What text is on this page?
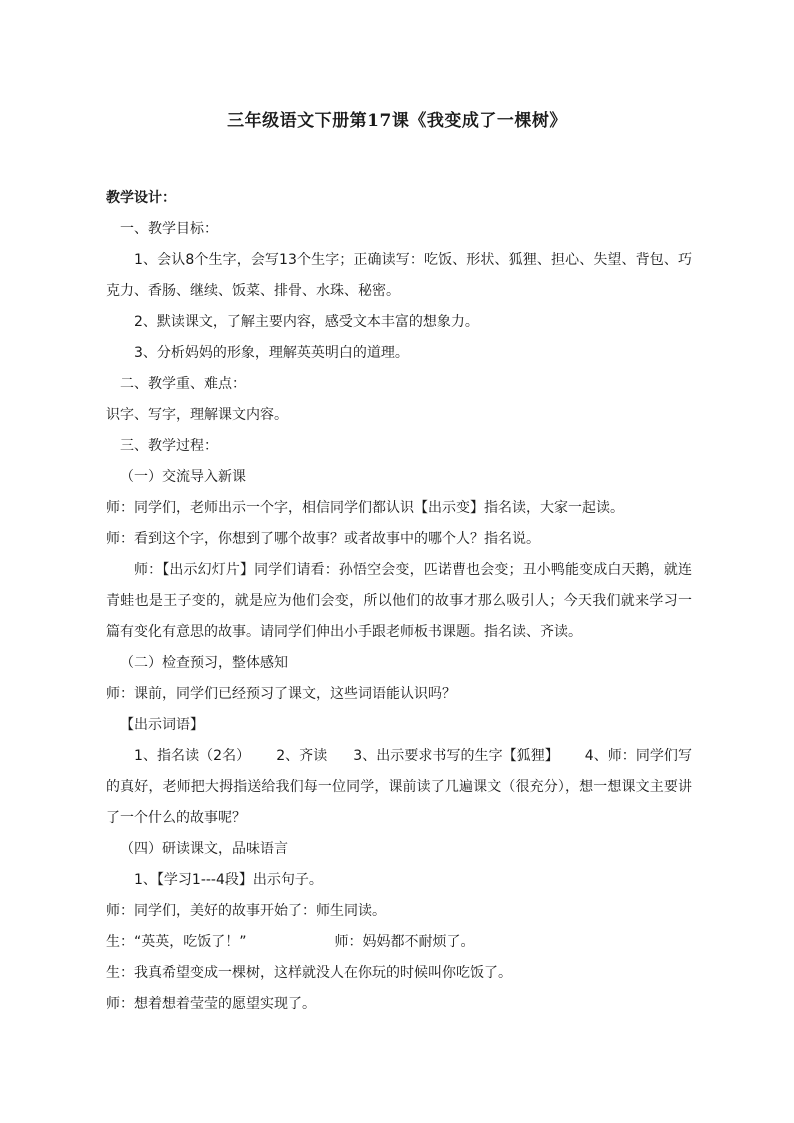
三年级语文下册第17课《我变成了一棵树》

教学设计：

一、教学目标：

1、会认8个生字，会写13个生字；正确读写：吃饭、形状、狐狸、担心、失望、背包、巧克力、香肠、继续、饭菜、排骨、水珠、秘密。

2、默读课文，了解主要内容，感受文本丰富的想象力。

3、分析妈妈的形象，理解英英明白的道理。

二、教学重、难点：

识字、写字，理解课文内容。

三、教学过程：

（一）交流导入新课

师：同学们，老师出示一个字，相信同学们都认识【出示变】指名读，大家一起读。

师：看到这个字，你想到了哪个故事？或者故事中的哪个人？指名说。

师：【出示幻灯片】同学们请看：孙悟空会变，匹诺曹也会变；丑小鸭能变成白天鹅，就连青蛙也是王子变的，就是应为他们会变，所以他们的故事才那么吸引人；今天我们就来学习一篇有变化有意思的故事。请同学们伸出小手跟老师板书课题。指名读、齐读。

（二）检查预习，整体感知

师：课前，同学们已经预习了课文，这些词语能认识吗？

【出示词语】

1、指名读（2名） 2、齐读 3、出示要求书写的生字【狐狸】 4、师：同学们写的真好，老师把大拇指送给我们每一位同学，课前读了几遍课文（很充分），想一想课文主要讲了一个什么的故事呢？

（四）研读课文，品味语言

1、【学习1---4段】出示句子。

师：同学们，美好的故事开始了：师生同读。

生：“英英，吃饭了！”	师：妈妈都不耐烦了。

生：我真希望变成一棵树，这样就没人在你玩的时候叫你吃饭了。

师：想着想着莹莹的愿望实现了。
